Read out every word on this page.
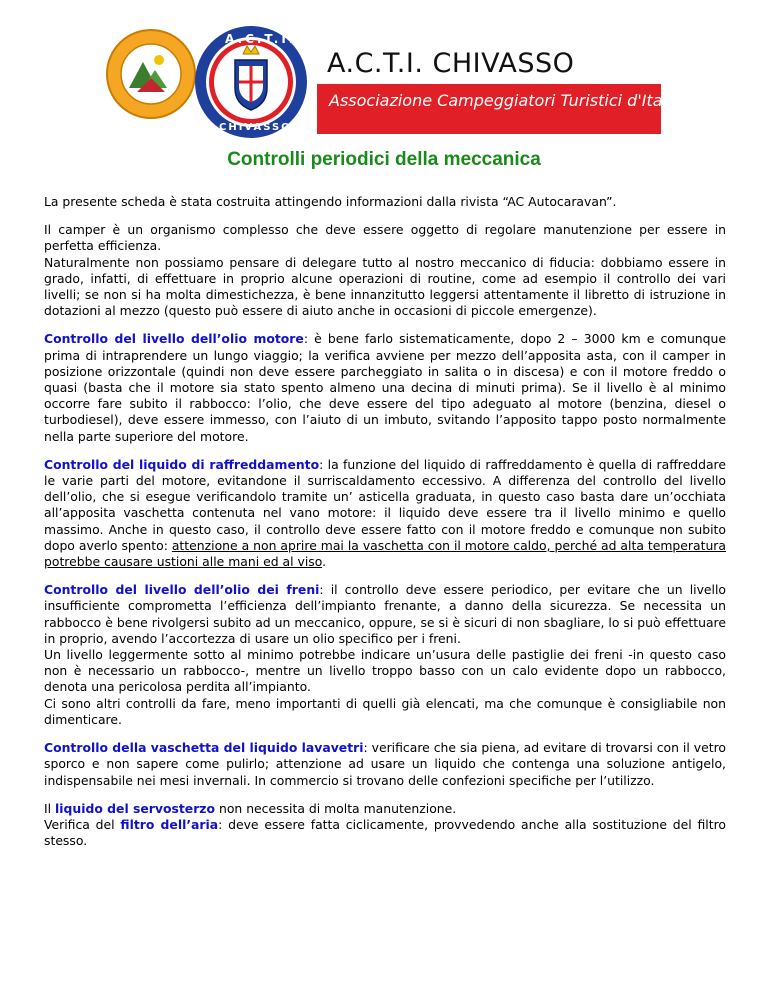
A.C.T.I.
CHIVASSO
A.C.T.I. CHIVASSO
Associazione Campeggiatori Turistici d'Italia
Controlli periodici della meccanica

La presente scheda è stata costruita attingendo informazioni dalla rivista “AC Autocaravan”.

Il camper è un organismo complesso che deve essere oggetto di regolare manutenzione per essere in perfetta efficienza.
Naturalmente non possiamo pensare di delegare tutto al nostro meccanico di fiducia: dobbiamo essere in grado, infatti, di effettuare in proprio alcune operazioni di routine, come ad esempio il controllo dei vari livelli; se non si ha molta dimestichezza, è bene innanzitutto leggersi attentamente il libretto di istruzione in dotazioni al mezzo (questo può essere di aiuto anche in occasioni di piccole emergenze).

Controllo del livello dell’olio motore: è bene farlo sistematicamente, dopo 2 – 3000 km e comunque prima di intraprendere un lungo viaggio; la verifica avviene per mezzo dell’apposita asta, con il camper in posizione orizzontale (quindi non deve essere parcheggiato in salita o in discesa) e con il motore freddo o quasi (basta che il motore sia stato spento almeno una decina di minuti prima). Se il livello è al minimo occorre fare subito il rabbocco: l’olio, che deve essere del tipo adeguato al motore (benzina, diesel o turbodiesel), deve essere immesso, con l’aiuto di un imbuto, svitando l’apposito tappo posto normalmente nella parte superiore del motore.

Controllo del liquido di raffreddamento: la funzione del liquido di raffreddamento è quella di raffreddare le varie parti del motore, evitandone il surriscaldamento eccessivo. A differenza del controllo del livello dell’olio, che si esegue verificandolo tramite un’ asticella graduata, in questo caso basta dare un’occhiata all’apposita vaschetta contenuta nel vano motore: il liquido deve essere tra il livello minimo e quello massimo. Anche in questo caso, il controllo deve essere fatto con il motore freddo e comunque non subito dopo averlo spento: attenzione a non aprire mai la vaschetta con il motore caldo, perché ad alta temperatura potrebbe causare ustioni alle mani ed al viso.

Controllo del livello dell’olio dei freni: il controllo deve essere periodico, per evitare che un livello insufficiente comprometta l’efficienza dell’impianto frenante, a danno della sicurezza. Se necessita un rabbocco è bene rivolgersi subito ad un meccanico, oppure, se si è sicuri di non sbagliare, lo si può effettuare in proprio, avendo l’accortezza di usare un olio specifico per i freni.
Un livello leggermente sotto al minimo potrebbe indicare un’usura delle pastiglie dei freni -in questo caso non è necessario un rabbocco-, mentre un livello troppo basso con un calo evidente dopo un rabbocco, denota una pericolosa perdita all’impianto.
Ci sono altri controlli da fare, meno importanti di quelli già elencati, ma che comunque è consigliabile non dimenticare.

Controllo della vaschetta del liquido lavavetri: verificare che sia piena, ad evitare di trovarsi con il vetro sporco e non sapere come pulirlo; attenzione ad usare un liquido che contenga una soluzione antigelo, indispensabile nei mesi invernali. In commercio si trovano delle confezioni specifiche per l’utilizzo.

Il liquido del servosterzo non necessita di molta manutenzione.
Verifica del filtro dell’aria: deve essere fatta ciclicamente, provvedendo anche alla sostituzione del filtro stesso.
